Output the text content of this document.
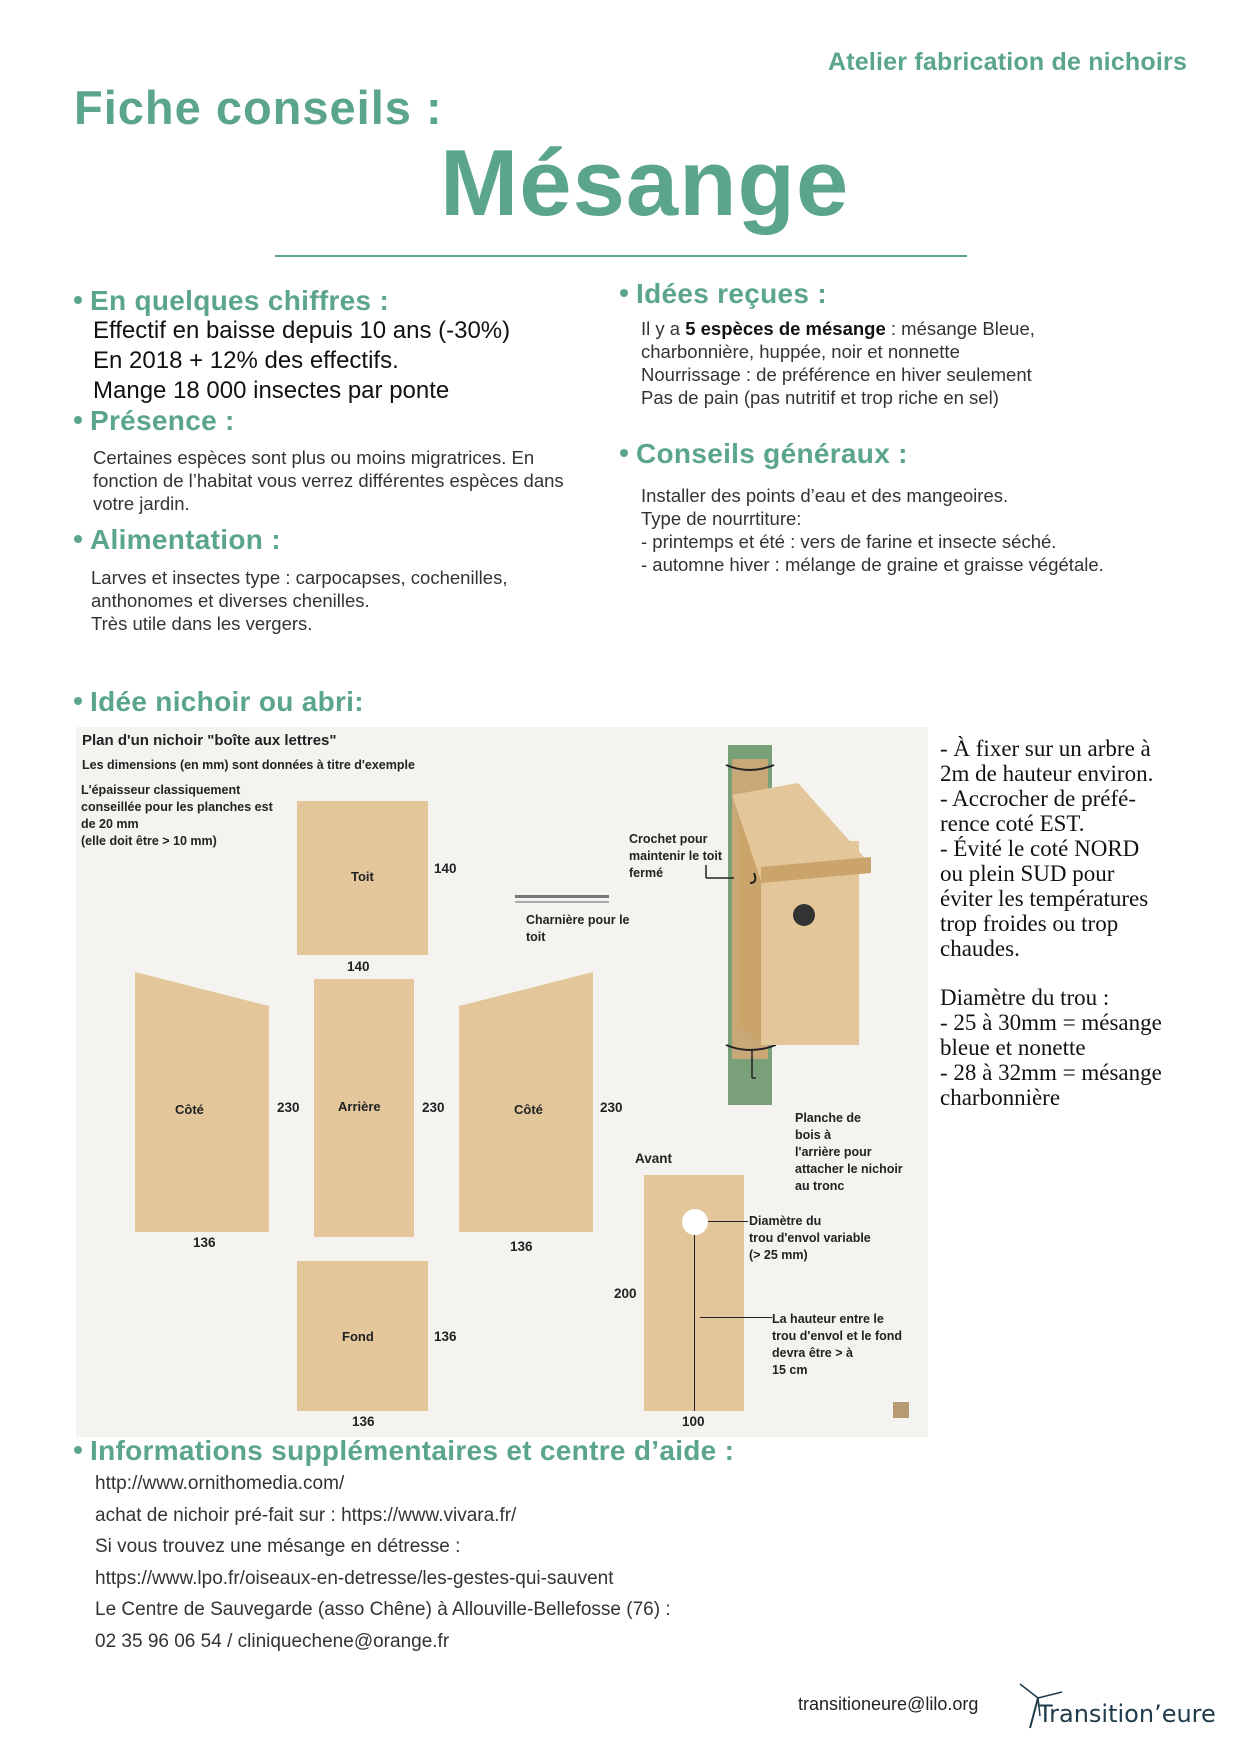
Atelier fabrication de nichoirs
Fiche conseils :
Mésange
En quelques chiffres :
Effectif en baisse depuis 10 ans (-30%)
En 2018 + 12% des effectifs.
Mange 18 000 insectes par ponte
Présence :
Certaines espèces sont plus ou moins migratrices. En
fonction de l’habitat vous verrez différentes espèces dans
votre jardin.
Alimentation :
Larves et insectes type : carpocapses, cochenilles,
anthonomes et diverses chenilles.
Très utile dans les vergers.
Idées reçues :
Il y a 5 espèces de mésange : mésange Bleue,
charbonnière, huppée, noir et nonnette
Nourrissage : de préférence en hiver seulement
Pas de pain (pas nutritif et trop riche en sel)
Conseils généraux :
Installer des points d’eau et des mangeoires.
Type de nourrtiture:
- printemps et été : vers de farine et insecte séché.
- automne hiver : mélange de graine et graisse végétale.
Idée nichoir ou abri:
Plan d'un nichoir "boîte aux lettres"
Les dimensions (en mm) sont données à titre d'exemple
L'épaisseur classiquement
conseillée pour les planches est
de 20 mm
(elle doit être > 10 mm)
Toit
140
140
Côté	230
136
Arrière	230	Côté	230
136
Fond	136
136
Avant
200
100
Charnière pour le
toit
Crochet pour
maintenir le toit
fermé
Planche de
bois à
l'arrière pour
attacher le nichoir
au tronc
Diamètre du
trou d'envol variable
(> 25 mm)
La hauteur entre le
trou d'envol et le fond
devra être > à
15 cm
- À fixer sur un arbre à
2m de hauteur environ.
- Accrocher de préfé-
rence coté EST.
- Évité le coté NORD
ou plein SUD pour
éviter les températures
trop froides ou trop
chaudes.
Diamètre du trou :
- 25 à 30mm = mésange
bleue et nonette
- 28 à 32mm = mésange
charbonnière
Informations supplémentaires et centre d’aide :
http://www.ornithomedia.com/
achat de nichoir pré-fait sur : https://www.vivara.fr/
Si vous trouvez une mésange en détresse :
https://www.lpo.fr/oiseaux-en-detresse/les-gestes-qui-sauvent
Le Centre de Sauvegarde (asso Chêne) à Allouville-Bellefosse (76) :
02 35 96 06 54 / cliniquechene@orange.fr
transitioneure@lilo.org Transition’eure
